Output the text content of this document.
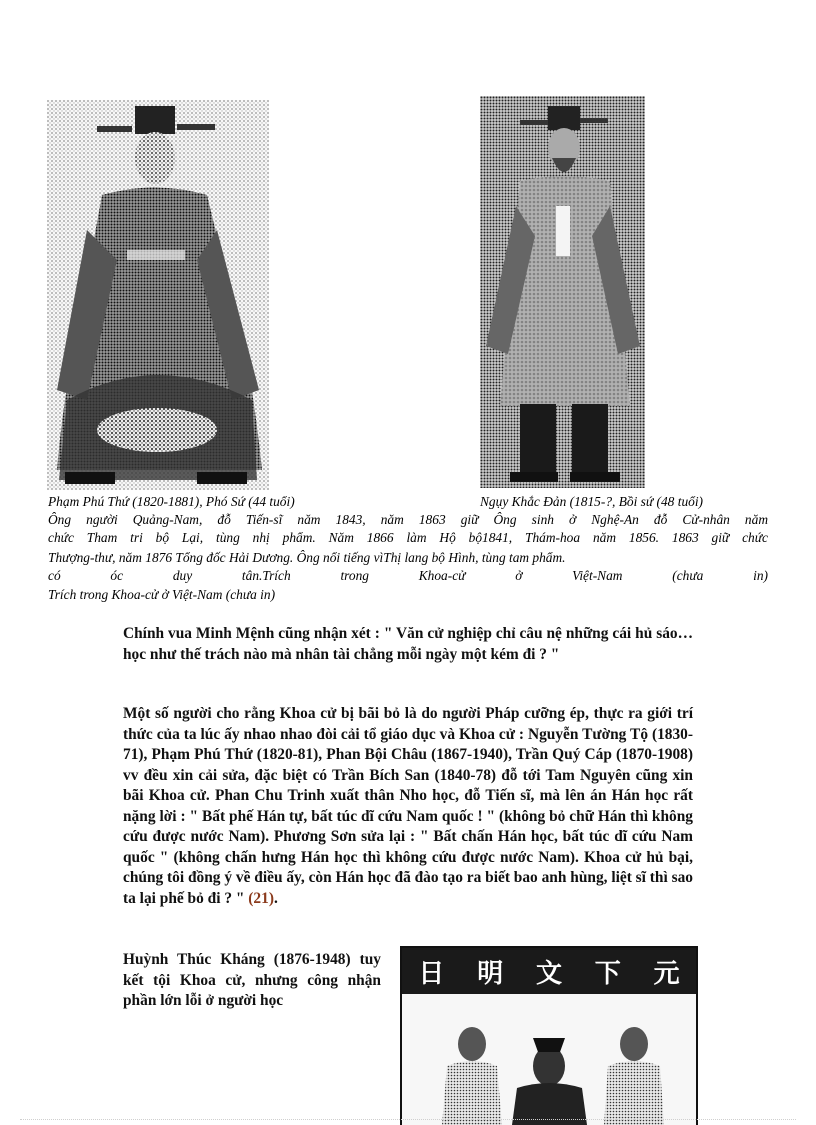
Phạm Phú Thứ (1820-1881), Phó Sứ (44 tuổi)	Ngụy Khắc Đản (1815-?, Bồi sứ (48 tuổi)
Ông người Quảng-Nam, đỗ Tiến-sĩ năm 1843, năm 1863 giữ Ông sinh ở Nghệ-An đỗ Cử-nhân năm
chức Tham tri bộ Lại, tùng nhị phẩm. Năm 1866 làm Hộ bộ1841, Thám-hoa năm 1856. 1863 giữ chức
Thượng-thư, năm 1876 Tổng đốc Hải Dương. Ông nổi tiếng vìThị lang bộ Hình, tùng tam phẩm.
có óc duy tân.Trích trong Khoa-cử ở Việt-Nam (chưa in)
Trích trong Khoa-cử ở Việt-Nam (chưa in)
Chính vua Minh Mệnh cũng nhận xét : " Văn cử nghiệp chỉ câu nệ những cái hủ sáo…học như thế trách nào mà nhân tài chẳng mỗi ngày một kém đi ? "
Một số người cho rằng Khoa cử bị bãi bỏ là do người Pháp cưỡng ép, thực ra giới trí thức của ta lúc ấy nhao nhao đòi cải tổ giáo dục và Khoa cử : Nguyễn Tường Tộ (1830-71), Phạm Phú Thứ (1820-81), Phan Bội Châu (1867-1940), Trần Quý Cáp (1870-1908) vv đều xin cải sửa, đặc biệt có Trần Bích San (1840-78) đỗ tới Tam Nguyên cũng xin bãi Khoa cử. Phan Chu Trinh xuất thân Nho học, đỗ Tiến sĩ, mà lên án Hán học rất nặng lời : " Bất phế Hán tự, bất túc dĩ cứu Nam quốc ! " (không bỏ chữ Hán thì không cứu được nước Nam). Phương Sơn sửa lại : " Bất chấn Hán học, bất túc dĩ cứu Nam quốc " (không chấn hưng Hán học thì không cứu được nước Nam). Khoa cử hủ bại, chúng tôi đồng ý về điều ấy, còn Hán học đã đào tạo ra biết bao anh hùng, liệt sĩ thì sao ta lại phế bỏ đi ? " (21).
Huỳnh Thúc Kháng (1876-1948) tuy kết tội Khoa cử, nhưng công nhận phần lớn lỗi ở người học
日 明 文 下 元
